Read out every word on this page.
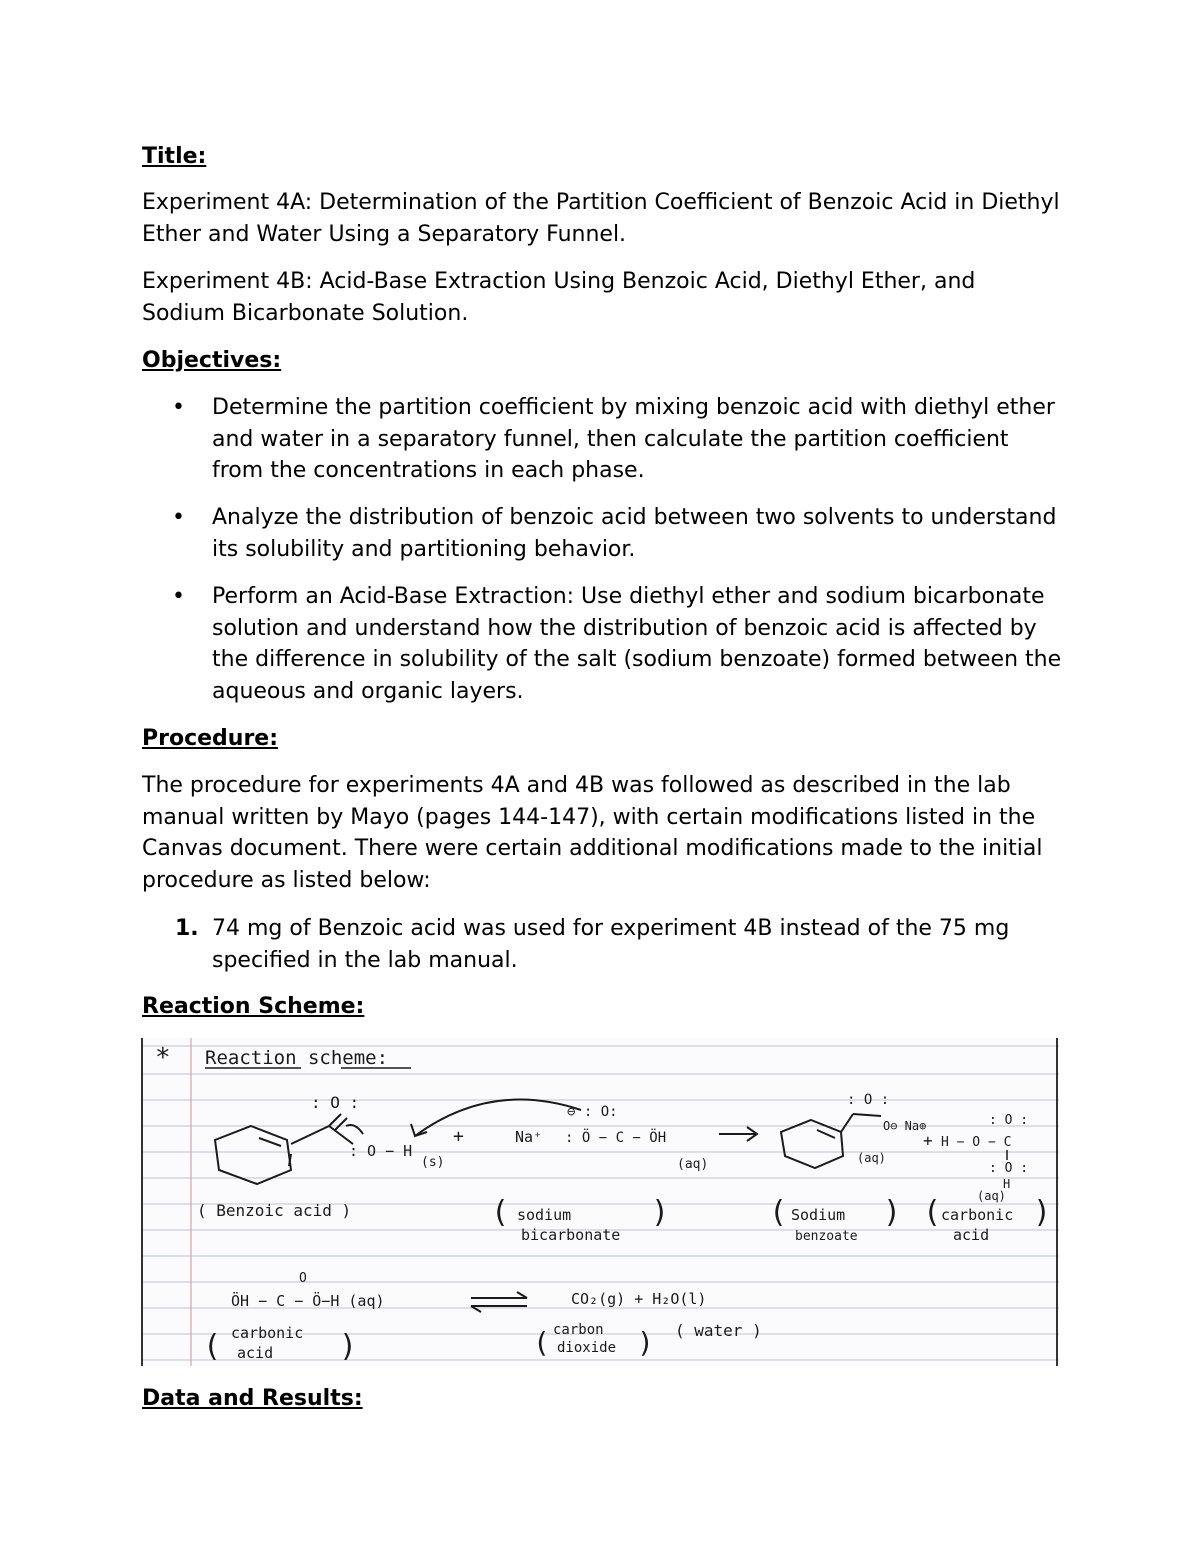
Title:

Experiment 4A: Determination of the Partition Coefficient of Benzoic Acid in Diethyl Ether and Water Using a Separatory Funnel.

Experiment 4B: Acid-Base Extraction Using Benzoic Acid, Diethyl Ether, and Sodium Bicarbonate Solution.

Objectives:

• Determine the partition coefficient by mixing benzoic acid with diethyl ether and water in a separatory funnel, then calculate the partition coefficient from the concentrations in each phase.

• Analyze the distribution of benzoic acid between two solvents to understand its solubility and partitioning behavior.

• Perform an Acid-Base Extraction: Use diethyl ether and sodium bicarbonate solution and understand how the distribution of benzoic acid is affected by the difference in solubility of the salt (sodium benzoate) formed between the aqueous and organic layers.

Procedure:

The procedure for experiments 4A and 4B was followed as described in the lab manual written by Mayo (pages 144-147), with certain modifications listed in the Canvas document. There were certain additional modifications made to the initial procedure as listed below:

1. 74 mg of Benzoic acid was used for experiment 4B instead of the 75 mg specified in the lab manual.

Reaction Scheme:

* Reaction scheme:
: O :
: O − H
(s)
+	Na⁺
⊖ : O:
: Ö − C − ÖH
(aq)
: O :
O⊖ Na⊕
(aq)
+ H − O − C
: O :
: O :
H
(aq)
( Benzoic acid )	( sodium
bicarbonate
)	( Sodium
benzoate
) ( carbonic
acid
)
O
ÖH − C − Ö−H (aq)	CO₂(g) + H₂O(l)
( carbonic
acid )	( carbon
dioxide ) ( water )

Data and Results:
